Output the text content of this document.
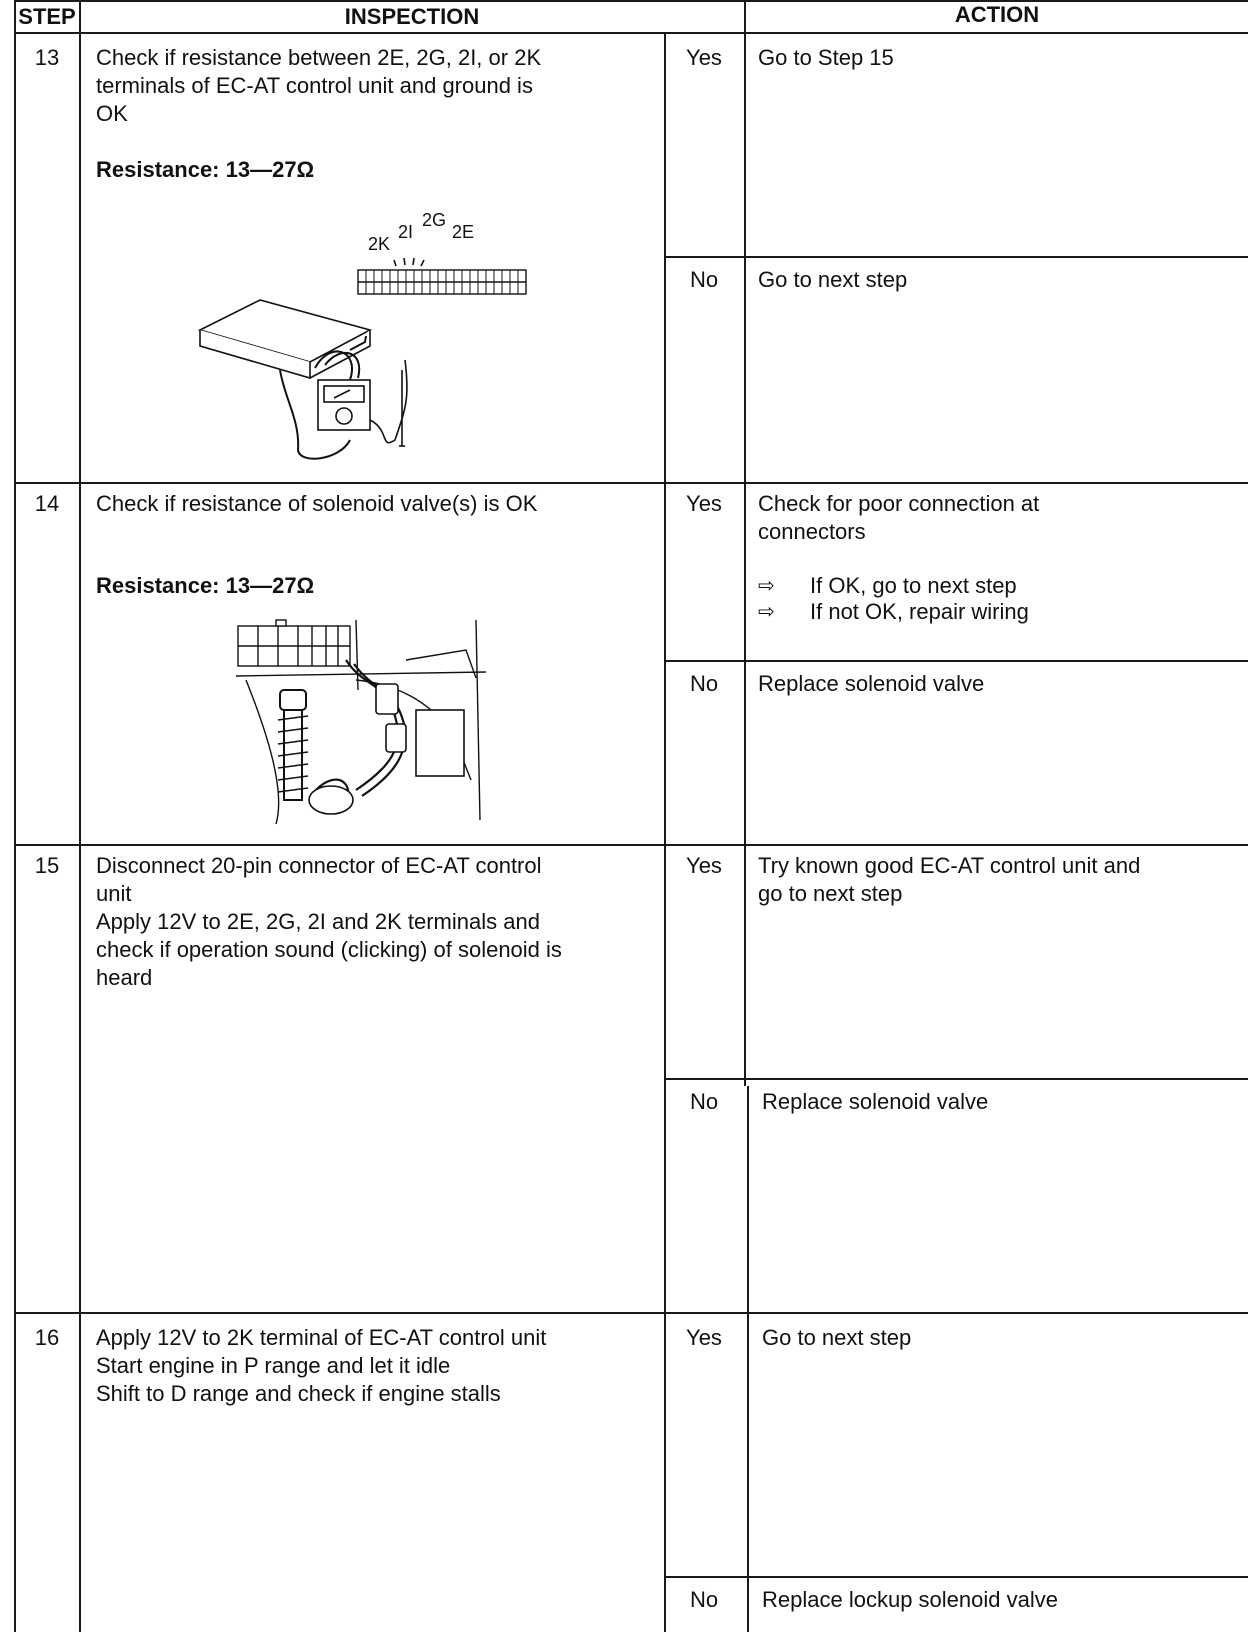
STEP	INSPECTION	ACTION
13	Check if resistance between 2E, 2G, 2I, or 2K
terminals of EC-AT control unit and ground is
OK
Resistance: 13—27Ω
Yes	Go to Step 15
No	Go to next step
2K
2I
2G
2E
14	Check if resistance of solenoid valve(s) is OK
Resistance: 13—27Ω
Yes	Check for poor connection at
connectors
⇨ If OK, go to next step
⇨ If not OK, repair wiring
No	Replace solenoid valve
15	Disconnect 20-pin connector of EC-AT control
unit
Apply 12V to 2E, 2G, 2I and 2K terminals and
check if operation sound (clicking) of solenoid is
heard
Yes	Try known good EC-AT control unit and
go to next step
No	Replace solenoid valve
16	Apply 12V to 2K terminal of EC-AT control unit
Start engine in P range and let it idle
Shift to D range and check if engine stalls
Yes	Go to next step
No	Replace lockup solenoid valve
